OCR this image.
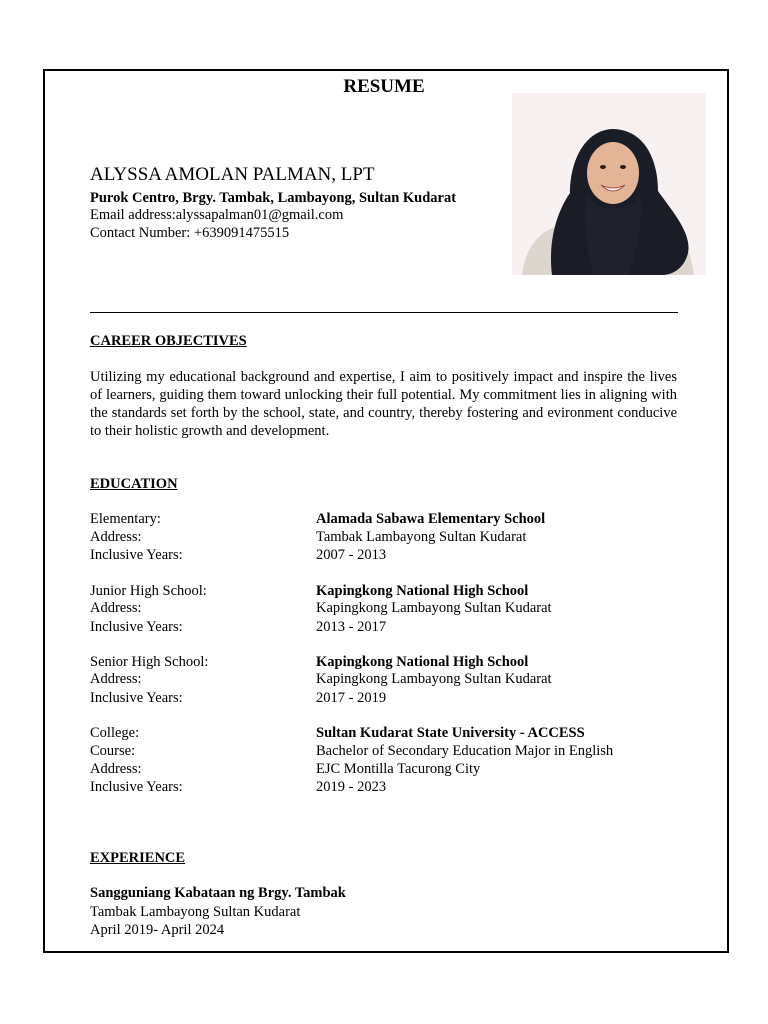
RESUME
ALYSSA AMOLAN PALMAN, LPT
Purok Centro, Brgy. Tambak, Lambayong, Sultan Kudarat
Email address:alyssapalman01@gmail.com
Contact Number: +639091475515
CAREER OBJECTIVES
Utilizing my educational background and expertise, I aim to positively impact and inspire the lives of learners, guiding them toward unlocking their full potential. My commitment lies in aligning with the standards set forth by the school, state, and country, thereby fostering and evironment conducive to their holistic growth and development.
EDUCATION
Elementary:	Alamada Sabawa Elementary School
Address:	Tambak Lambayong Sultan Kudarat
Inclusive Years:	2007 - 2013
Junior High School:	Kapingkong National High School
Address:	Kapingkong Lambayong Sultan Kudarat
Inclusive Years:	2013 - 2017
Senior High School:	Kapingkong National High School
Address:	Kapingkong Lambayong Sultan Kudarat
Inclusive Years:	2017 - 2019
College:	Sultan Kudarat State University - ACCESS
Course:	Bachelor of Secondary Education Major in English
Address:	EJC Montilla Tacurong City
Inclusive Years:	2019 - 2023
EXPERIENCE
Sangguniang Kabataan ng Brgy. Tambak
Tambak Lambayong Sultan Kudarat
April 2019- April 2024
